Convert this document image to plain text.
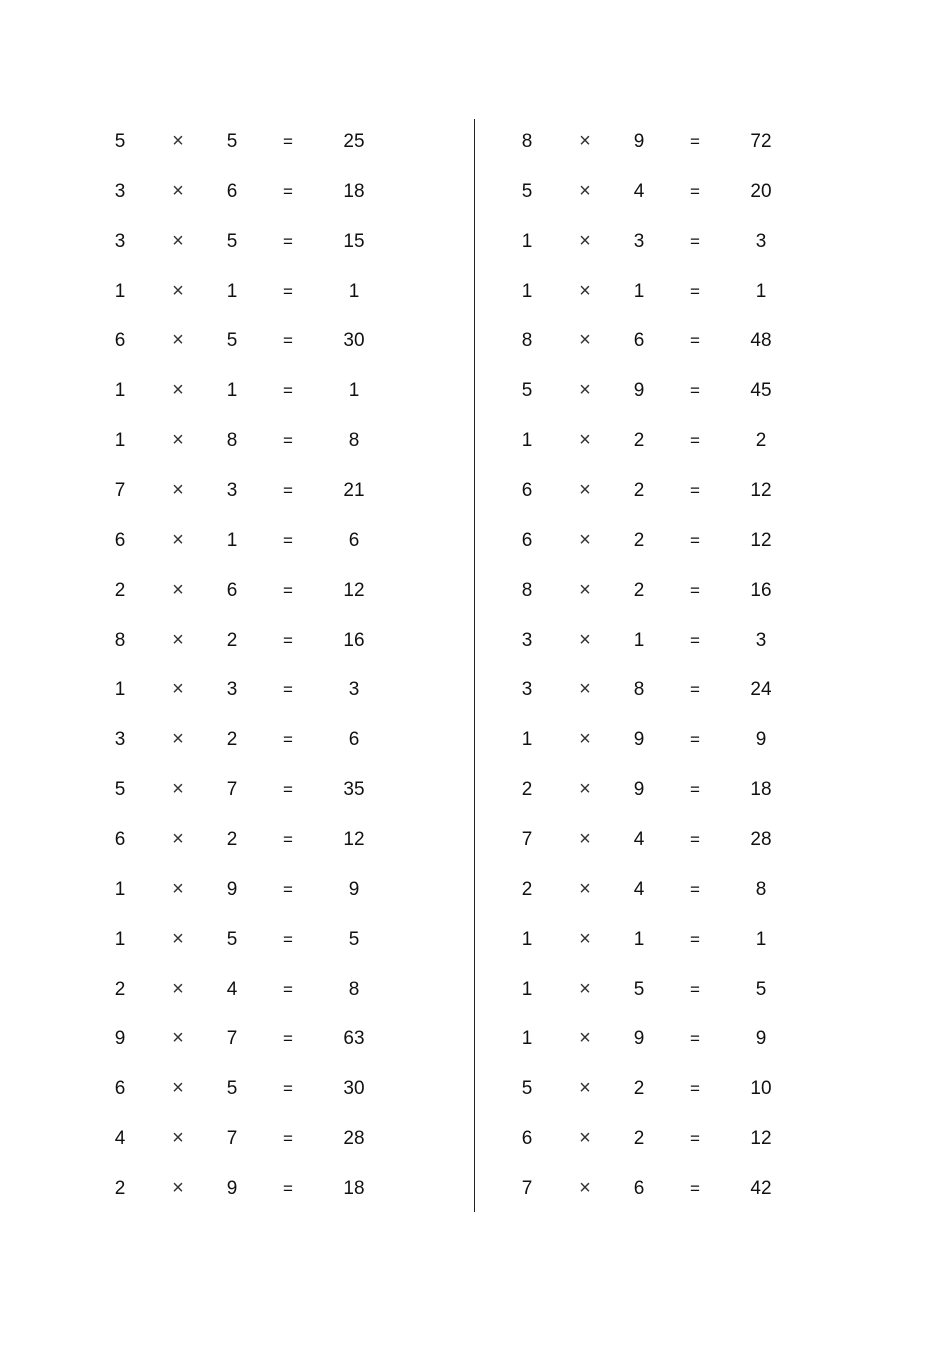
5	×	5	=	25
3	×	6	=	18
3	×	5	=	15
1	×	1	=	1
6	×	5	=	30
1	×	1	=	1
1	×	8	=	8
7	×	3	=	21
6	×	1	=	6
2	×	6	=	12
8	×	2	=	16
1	×	3	=	3
3	×	2	=	6
5	×	7	=	35
6	×	2	=	12
1	×	9	=	9
1	×	5	=	5
2	×	4	=	8
9	×	7	=	63
6	×	5	=	30
4	×	7	=	28
2	×	9	=	18
8	×	9	=	72
5	×	4	=	20
1	×	3	=	3
1	×	1	=	1
8	×	6	=	48
5	×	9	=	45
1	×	2	=	2
6	×	2	=	12
6	×	2	=	12
8	×	2	=	16
3	×	1	=	3
3	×	8	=	24
1	×	9	=	9
2	×	9	=	18
7	×	4	=	28
2	×	4	=	8
1	×	1	=	1
1	×	5	=	5
1	×	9	=	9
5	×	2	=	10
6	×	2	=	12
7	×	6	=	42
